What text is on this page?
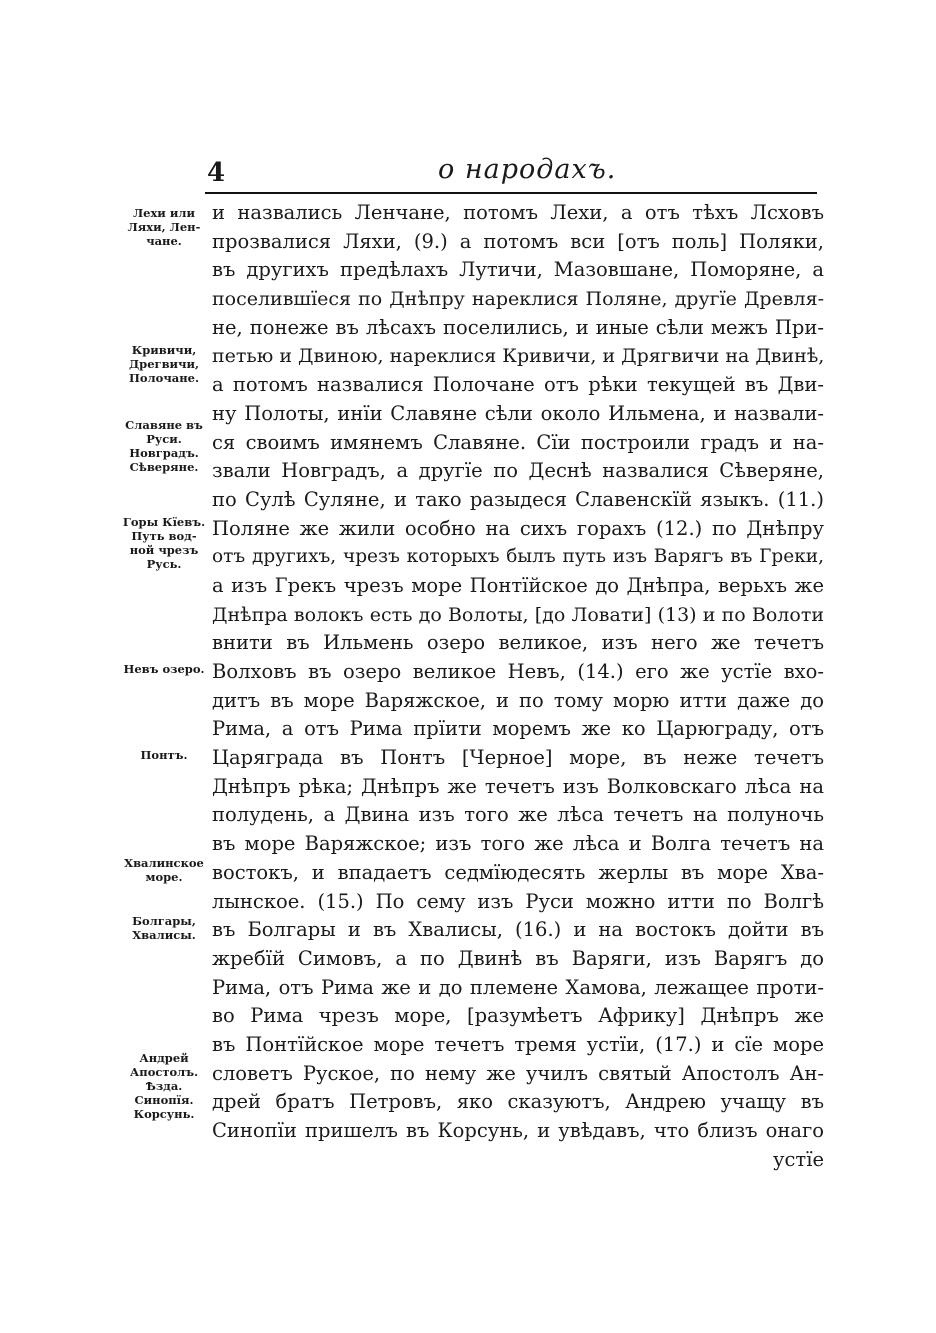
4	о народахъ.
Лехи или
Ляхи, Лен-
чане.
Кривичи,
Дрегвичи,
Полочане.
Славяне въ
Руси.
Новградъ.
Сѣверяне.
Горы Кїевъ.
Путь вод-
ной чрезъ
Русь.
Невъ озеро.
Понтъ.
Хвалинское
море.
Болгары,
Хвалисы.
Андрей
Апостолъ.
Ѣзда.
Синопїя.
Корсунь.
и назвались Ленчане, потомъ Лехи, а отъ тѣхъ Лсховъ
прозвалися Ляхи, (9.) а потомъ вси [отъ поль] Поляки,
въ другихъ предѣлахъ Лутичи, Мазовшане, Поморяне, а
поселившїеся по Днѣпру нареклися Поляне, другїе Древля-
не, понеже въ лѣсахъ поселились, и иные сѣли межъ При-
петью и Двиною, нареклися Кривичи, и Дрягвичи на Двинѣ,
а потомъ назвалися Полочане отъ рѣки текущей въ Дви-
ну Полоты, инїи Славяне сѣли около Ильмена, и назвали-
ся своимъ имянемъ Славяне. Сїи построили градъ и на-
звали Новградъ, а другїе по Деснѣ назвалися Сѣверяне,
по Сулѣ Суляне, и тако разыдеся Славенскїй языкъ. (11.)
Поляне же жили особно на сихъ горахъ (12.) по Днѣпру
отъ другихъ, чрезъ которыхъ былъ путь изъ Варягъ въ Греки,
а изъ Грекъ чрезъ море Понтїйское до Днѣпра, верьхъ же
Днѣпра волокъ есть до Волоты, [до Ловати] (13) и по Волоти
внити въ Ильмень озеро великое, изъ него же течетъ
Волховъ въ озеро великое Невъ, (14.) его же устїе вхо-
дитъ въ море Варяжское, и по тому морю итти даже до
Рима, а отъ Рима прїити моремъ же ко Царюграду, отъ
Царяграда въ Понтъ [Черное] море, въ неже течетъ
Днѣпръ рѣка; Днѣпръ же течетъ изъ Волковскаго лѣса на
полудень, а Двина изъ того же лѣса течетъ на полуночь
въ море Варяжское; изъ того же лѣса и Волга течетъ на
востокъ, и впадаетъ седмїюдесять жерлы въ море Хва-
лынское. (15.) По сему изъ Руси можно итти по Волгѣ
въ Болгары и въ Хвалисы, (16.) и на востокъ дойти въ
жребїй Симовъ, а по Двинѣ въ Варяги, изъ Варягъ до
Рима, отъ Рима же и до племене Хамова, лежащее проти-
во Рима чрезъ море, [разумѣетъ Африку] Днѣпръ же
въ Понтїйское море течетъ тремя устїи, (17.) и сїе море
словетъ Руское, по нему же училъ святый Апостолъ Ан-
дрей братъ Петровъ, яко сказуютъ, Андрею учащу въ
Синопїи пришелъ въ Корсунь, и увѣдавъ, что близъ онаго
устїе
